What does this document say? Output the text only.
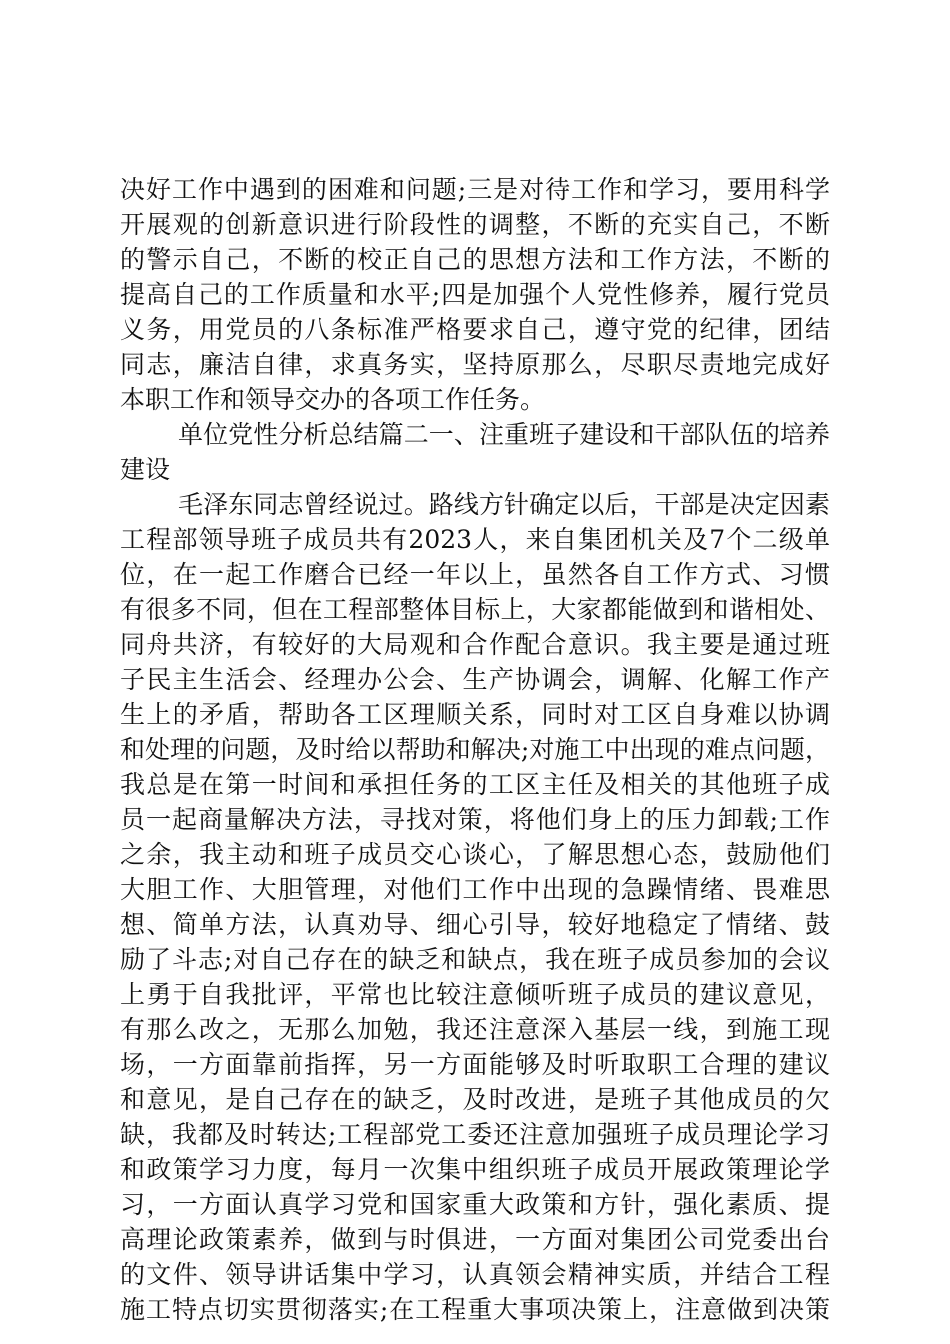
决好工作中遇到的困难和问题;三是对待工作和学习，要用科学
开展观的创新意识进行阶段性的调整，不断的充实自己，不断
的警示自己，不断的校正自己的思想方法和工作方法，不断的
提高自己的工作质量和水平;四是加强个人党性修养，履行党员
义务，用党员的八条标准严格要求自己，遵守党的纪律，团结
同志，廉洁自律，求真务实，坚持原那么，尽职尽责地完成好
本职工作和领导交办的各项工作任务。
单位党性分析总结篇二一、注重班子建设和干部队伍的培养
建设
毛泽东同志曾经说过。路线方针确定以后，干部是决定因素
工程部领导班子成员共有2023人，来自集团机关及7个二级单
位，在一起工作磨合已经一年以上，虽然各自工作方式、习惯
有很多不同，但在工程部整体目标上，大家都能做到和谐相处、
同舟共济，有较好的大局观和合作配合意识。我主要是通过班
子民主生活会、经理办公会、生产协调会，调解、化解工作产
生上的矛盾，帮助各工区理顺关系，同时对工区自身难以协调
和处理的问题，及时给以帮助和解决;对施工中出现的难点问题，
我总是在第一时间和承担任务的工区主任及相关的其他班子成
员一起商量解决方法，寻找对策，将他们身上的压力卸载;工作
之余，我主动和班子成员交心谈心，了解思想心态，鼓励他们
大胆工作、大胆管理，对他们工作中出现的急躁情绪、畏难思
想、简单方法，认真劝导、细心引导，较好地稳定了情绪、鼓
励了斗志;对自己存在的缺乏和缺点，我在班子成员参加的会议
上勇于自我批评，平常也比较注意倾听班子成员的建议意见，
有那么改之，无那么加勉，我还注意深入基层一线，到施工现
场，一方面靠前指挥，另一方面能够及时听取职工合理的建议
和意见，是自己存在的缺乏，及时改进，是班子其他成员的欠
缺，我都及时转达;工程部党工委还注意加强班子成员理论学习
和政策学习力度，每月一次集中组织班子成员开展政策理论学
习，一方面认真学习党和国家重大政策和方针，强化素质、提
高理论政策素养，做到与时俱进，一方面对集团公司党委出台
的文件、领导讲话集中学习，认真领会精神实质，并结合工程
施工特点切实贯彻落实;在工程重大事项决策上，注意做到决策
